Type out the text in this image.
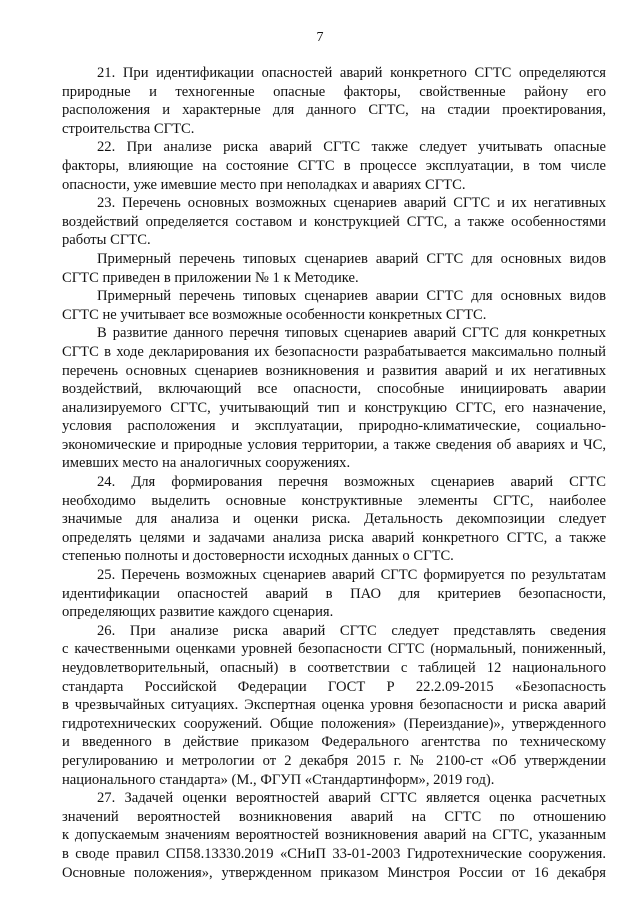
7
21. При идентификации опасностей аварий конкретного СГТС определяются
природные и техногенные опасные факторы, свойственные району его
расположения и характерные для данного СГТС, на стадии проектирования,
строительства СГТС.
22. При анализе риска аварий СГТС также следует учитывать опасные
факторы, влияющие на состояние СГТС в процессе эксплуатации, в том числе
опасности, уже имевшие место при неполадках и авариях СГТС.
23. Перечень основных возможных сценариев аварий СГТС и их негативных
воздействий определяется составом и конструкцией СГТС, а также особенностями
работы СГТС.
Примерный перечень типовых сценариев аварий СГТС для основных видов
СГТС приведен в приложении № 1 к Методике.
Примерный перечень типовых сценариев аварии СГТС для основных видов
СГТС не учитывает все возможные особенности конкретных СГТС.
В развитие данного перечня типовых сценариев аварий СГТС для конкретных
СГТС в ходе декларирования их безопасности разрабатывается максимально полный
перечень основных сценариев возникновения и развития аварий и их негативных
воздействий, включающий все опасности, способные инициировать аварии
анализируемого СГТС, учитывающий тип и конструкцию СГТС, его назначение,
условия расположения и эксплуатации, природно-климатические, социально-
экономические и природные условия территории, а также сведения об авариях и ЧС,
имевших место на аналогичных сооружениях.
24. Для формирования перечня возможных сценариев аварий СГТС
необходимо выделить основные конструктивные элементы СГТС, наиболее
значимые для анализа и оценки риска. Детальность декомпозиции следует
определять целями и задачами анализа риска аварий конкретного СГТС, а также
степенью полноты и достоверности исходных данных о СГТС.
25. Перечень возможных сценариев аварий СГТС формируется по результатам
идентификации опасностей аварий в ПАО для критериев безопасности,
определяющих развитие каждого сценария.
26. При анализе риска аварий СГТС следует представлять сведения
с качественными оценками уровней безопасности СГТС (нормальный, пониженный,
неудовлетворительный, опасный) в соответствии с таблицей 12 национального
стандарта Российской Федерации ГОСТ Р 22.2.09-2015 «Безопасность
в чрезвычайных ситуациях. Экспертная оценка уровня безопасности и риска аварий
гидротехнических сооружений. Общие положения» (Переиздание)», утвержденного
и введенного в действие приказом Федерального агентства по техническому
регулированию и метрологии от 2 декабря 2015 г. № 2100-ст «Об утверждении
национального стандарта» (М., ФГУП «Стандартинформ», 2019 год).
27. Задачей оценки вероятностей аварий СГТС является оценка расчетных
значений вероятностей возникновения аварий на СГТС по отношению
к допускаемым значениям вероятностей возникновения аварий на СГТС, указанным
в своде правил СП58.13330.2019 «СНиП 33-01-2003 Гидротехнические сооружения.
Основные положения», утвержденном приказом Минстроя России от 16 декабря
